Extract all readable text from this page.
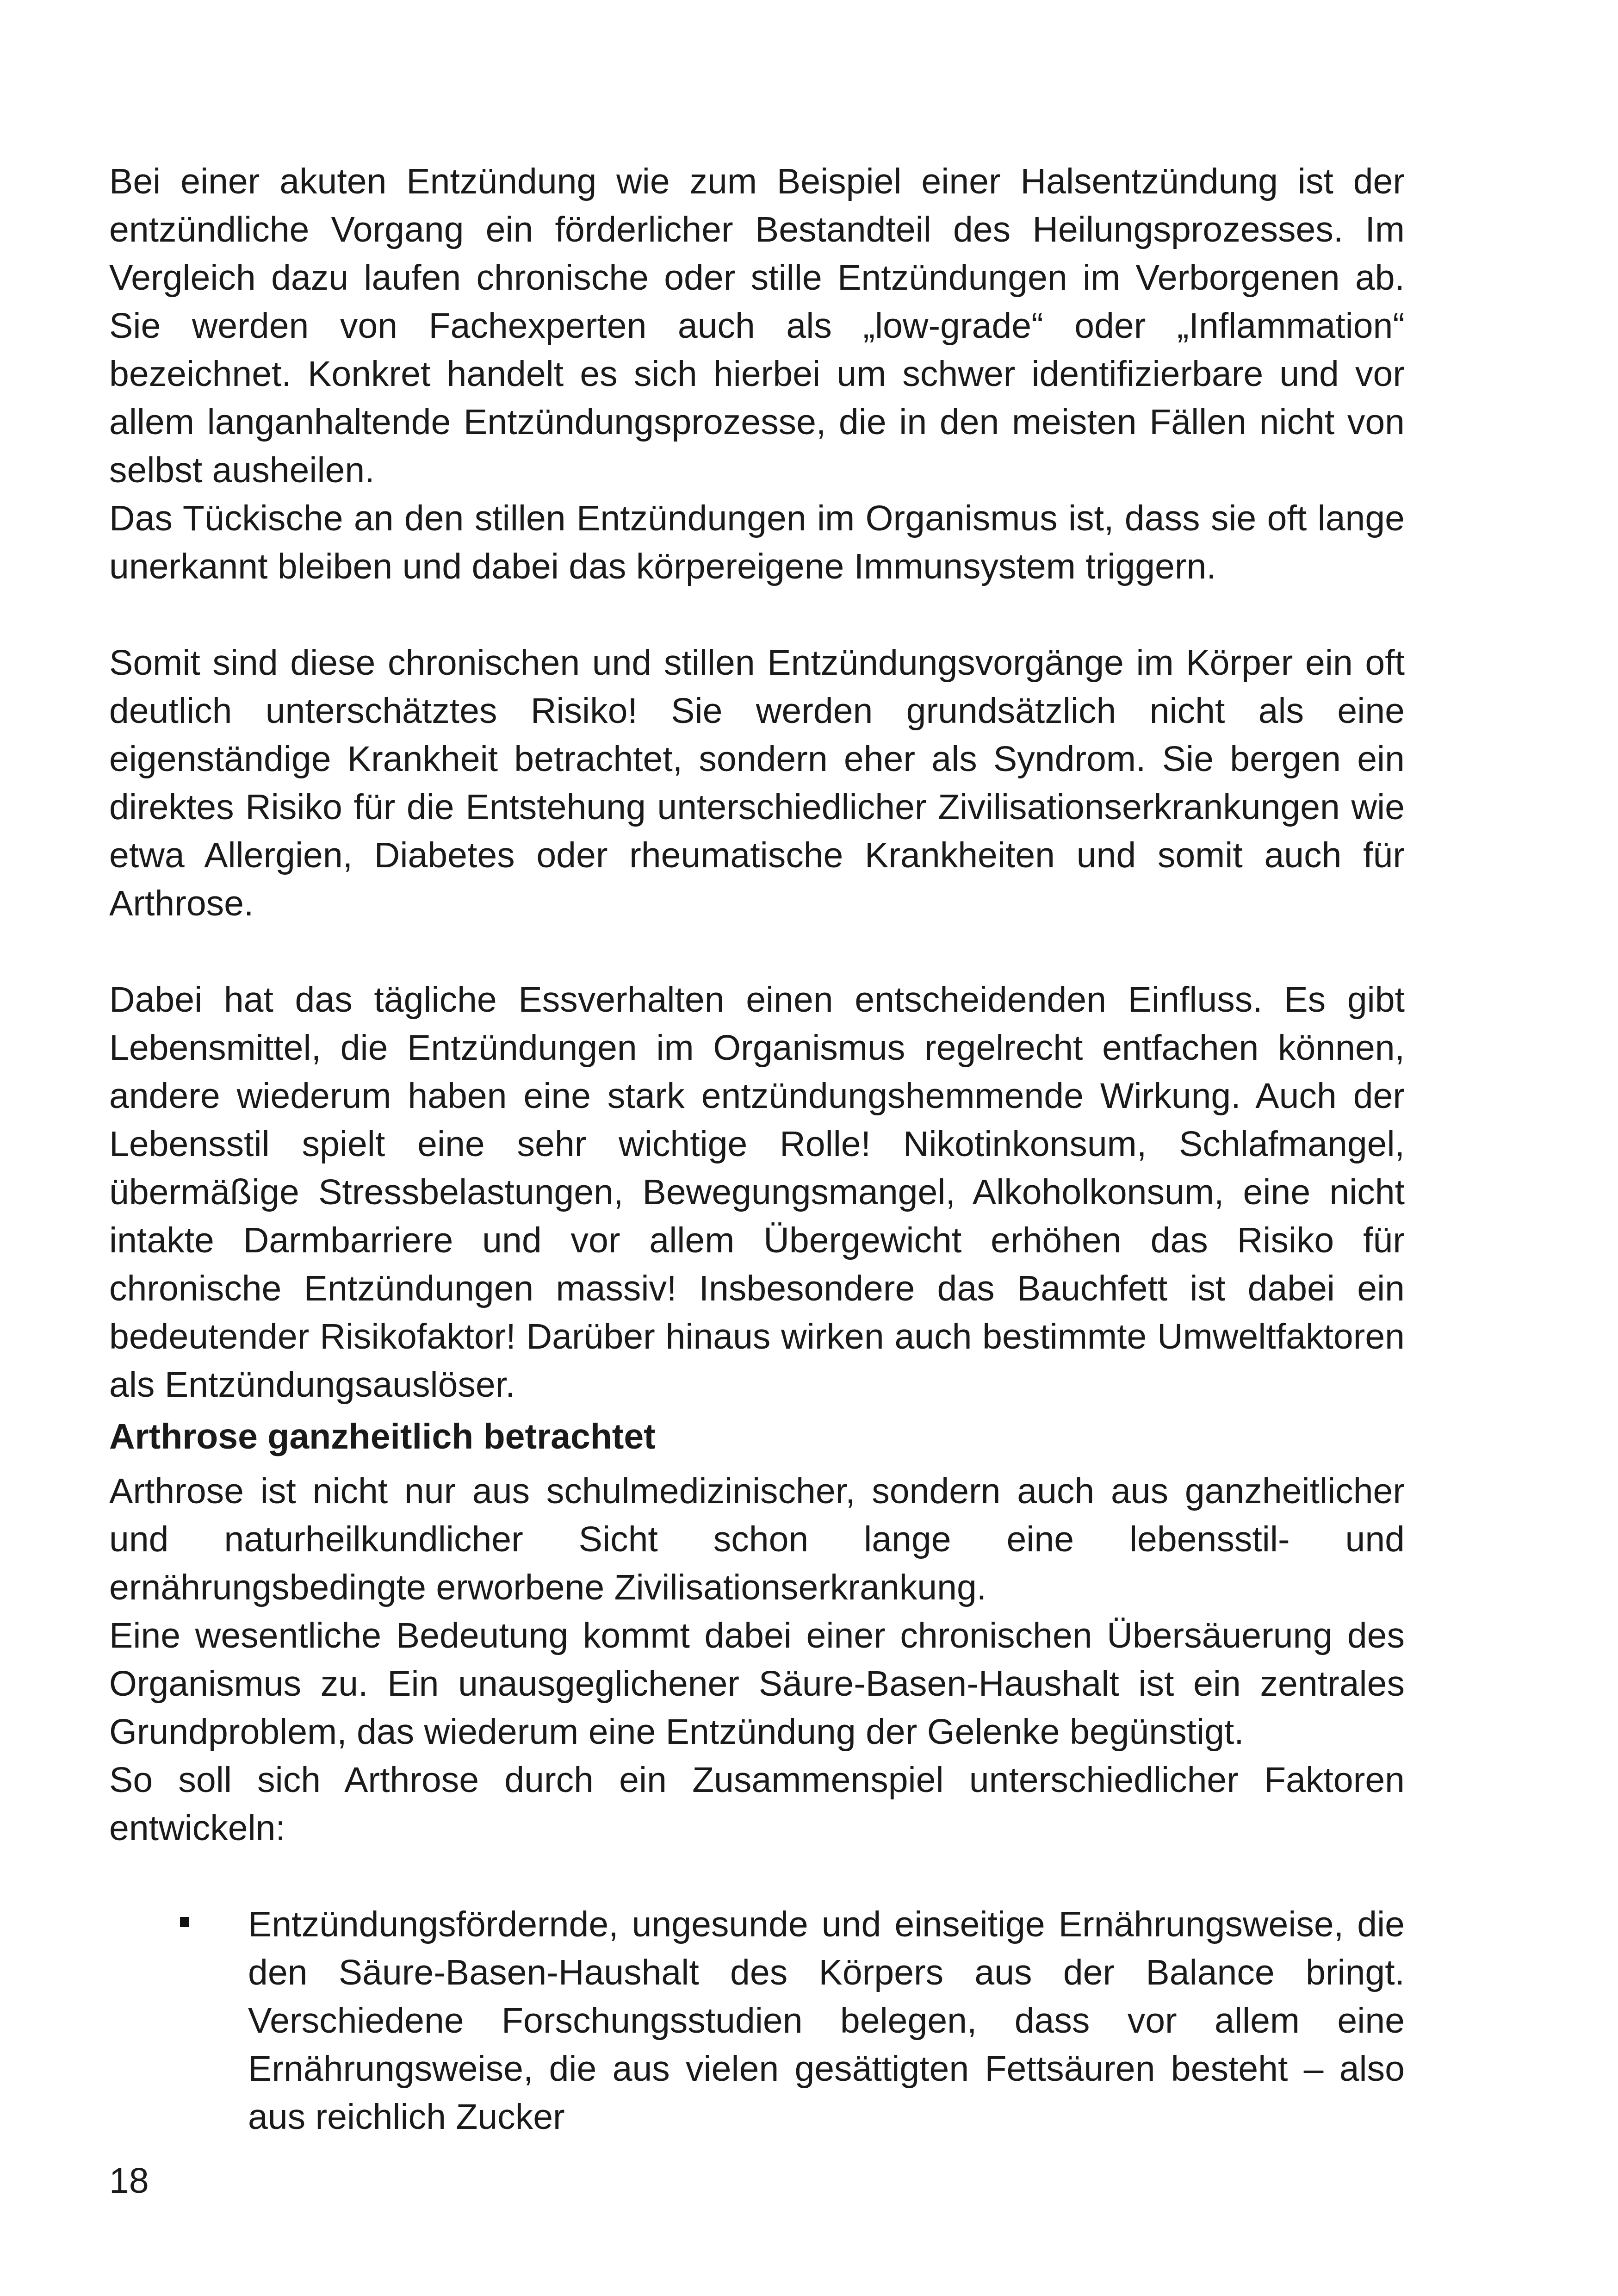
Bei einer akuten Entzündung wie zum Beispiel einer Halsentzündung ist der entzündliche Vorgang ein förderlicher Bestandteil des Heilungsprozesses. Im Vergleich dazu laufen chronische oder stille Entzündungen im Verborgenen ab. Sie werden von Fachexperten auch als „low-grade“ oder „Inflammation“ bezeichnet. Konkret handelt es sich hierbei um schwer identifizierbare und vor allem langanhaltende Entzündungsprozesse, die in den meisten Fällen nicht von selbst ausheilen.

Das Tückische an den stillen Entzündungen im Organismus ist, dass sie oft lange unerkannt bleiben und dabei das körpereigene Immunsystem triggern.

Somit sind diese chronischen und stillen Entzündungsvorgänge im Körper ein oft deutlich unterschätztes Risiko! Sie werden grundsätzlich nicht als eine eigenständige Krankheit betrachtet, sondern eher als Syndrom. Sie bergen ein direktes Risiko für die Entstehung unterschiedlicher Zivilisationserkrankungen wie etwa Allergien, Diabetes oder rheumatische Krankheiten und somit auch für Arthrose.

Dabei hat das tägliche Essverhalten einen entscheidenden Einfluss. Es gibt Lebensmittel, die Entzündungen im Organismus regelrecht entfachen können, andere wiederum haben eine stark entzündungshemmende Wirkung. Auch der Lebensstil spielt eine sehr wichtige Rolle! Nikotinkonsum, Schlafmangel, übermäßige Stressbelastungen, Bewegungsmangel, Alkoholkonsum, eine nicht intakte Darmbarriere und vor allem Übergewicht erhöhen das Risiko für chronische Entzündungen massiv! Insbesondere das Bauchfett ist dabei ein bedeutender Risikofaktor! Darüber hinaus wirken auch bestimmte Umweltfaktoren als Entzündungsauslöser.

Arthrose ganzheitlich betrachtet

Arthrose ist nicht nur aus schulmedizinischer, sondern auch aus ganzheitlicher und naturheilkundlicher Sicht schon lange eine lebensstil- und ernährungsbedingte erworbene Zivilisationserkrankung.

Eine wesentliche Bedeutung kommt dabei einer chronischen Übersäuerung des Organismus zu. Ein unausgeglichener Säure-Basen-Haushalt ist ein zentrales Grundproblem, das wiederum eine Entzündung der Gelenke begünstigt.

So soll sich Arthrose durch ein Zusammenspiel unterschiedlicher Faktoren entwickeln:

Entzündungsfördernde, ungesunde und einseitige Ernährungsweise, die den Säure-Basen-Haushalt des Körpers aus der Balance bringt. Verschiedene Forschungsstudien belegen, dass vor allem eine Ernährungsweise, die aus vielen gesättigten Fettsäuren besteht – also aus reichlich Zucker

18
